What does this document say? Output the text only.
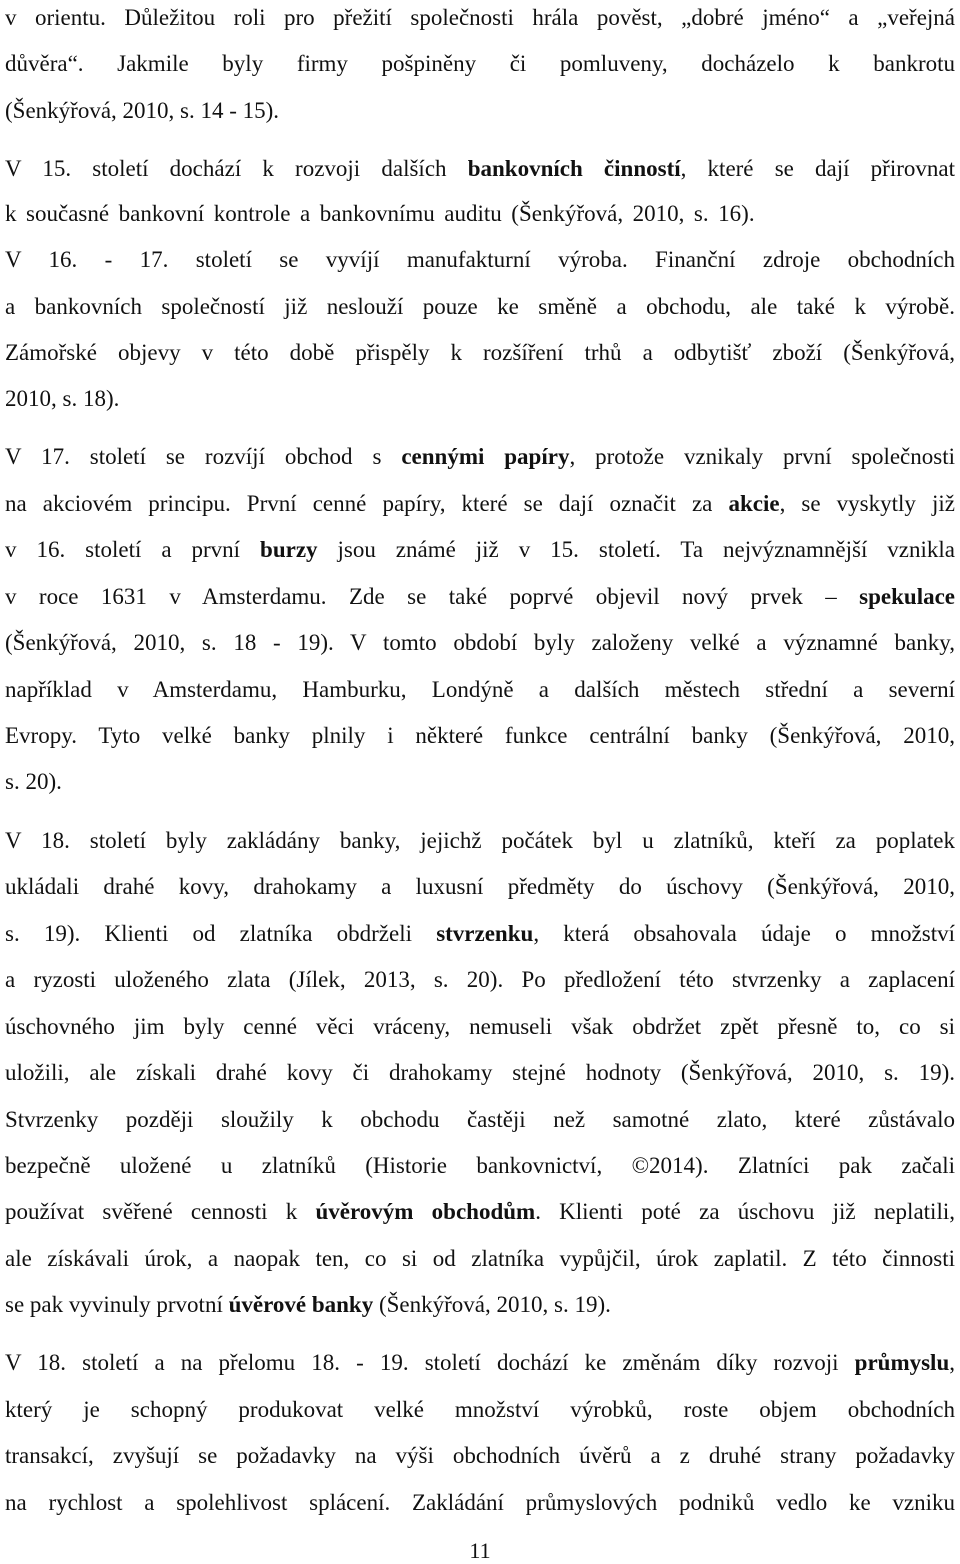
v orientu. Důležitou roli pro přežití společnosti hrála pověst, „dobré jméno“ a „veřejná
důvěra“. Jakmile byly firmy pošpiněny či pomluveny, docházelo k bankrotu
(Šenkýřová, 2010, s. 14 - 15).
V 15. století dochází k rozvoji dalších bankovních činností, které se dají přirovnat
k současné bankovní kontrole a bankovnímu auditu (Šenkýřová, 2010, s. 16).
V 16. - 17. století se vyvíjí manufakturní výroba. Finanční zdroje obchodních
a bankovních společností již neslouží pouze ke směně a obchodu, ale také k výrobě.
Zámořské objevy v této době přispěly k rozšíření trhů a odbytišť zboží (Šenkýřová,
2010, s. 18).
V 17. století se rozvíjí obchod s cennými papíry, protože vznikaly první společnosti
na akciovém principu. První cenné papíry, které se dají označit za akcie, se vyskytly již
v 16. století a první burzy jsou známé již v 15. století. Ta nejvýznamnější vznikla
v roce 1631 v Amsterdamu. Zde se také poprvé objevil nový prvek – spekulace
(Šenkýřová, 2010, s. 18 - 19). V tomto období byly založeny velké a významné banky,
například v Amsterdamu, Hamburku, Londýně a dalších městech střední a severní
Evropy. Tyto velké banky plnily i některé funkce centrální banky (Šenkýřová, 2010,
s. 20).
V 18. století byly zakládány banky, jejichž počátek byl u zlatníků, kteří za poplatek
ukládali drahé kovy, drahokamy a luxusní předměty do úschovy (Šenkýřová, 2010,
s. 19). Klienti od zlatníka obdrželi stvrzenku, která obsahovala údaje o množství
a ryzosti uloženého zlata (Jílek, 2013, s. 20). Po předložení této stvrzenky a zaplacení
úschovného jim byly cenné věci vráceny, nemuseli však obdržet zpět přesně to, co si
uložili, ale získali drahé kovy či drahokamy stejné hodnoty (Šenkýřová, 2010, s. 19).
Stvrzenky později sloužily k obchodu častěji než samotné zlato, které zůstávalo
bezpečně uložené u zlatníků (Historie bankovnictví, ©2014). Zlatníci pak začali
používat svěřené cennosti k úvěrovým obchodům. Klienti poté za úschovu již neplatili,
ale získávali úrok, a naopak ten, co si od zlatníka vypůjčil, úrok zaplatil. Z této činnosti
se pak vyvinuly prvotní úvěrové banky (Šenkýřová, 2010, s. 19).
V 18. století a na přelomu 18. - 19. století dochází ke změnám díky rozvoji průmyslu,
který je schopný produkovat velké množství výrobků, roste objem obchodních
transakcí, zvyšují se požadavky na výši obchodních úvěrů a z druhé strany požadavky
na rychlost a spolehlivost splácení. Zakládání průmyslových podniků vedlo ke vzniku
11
